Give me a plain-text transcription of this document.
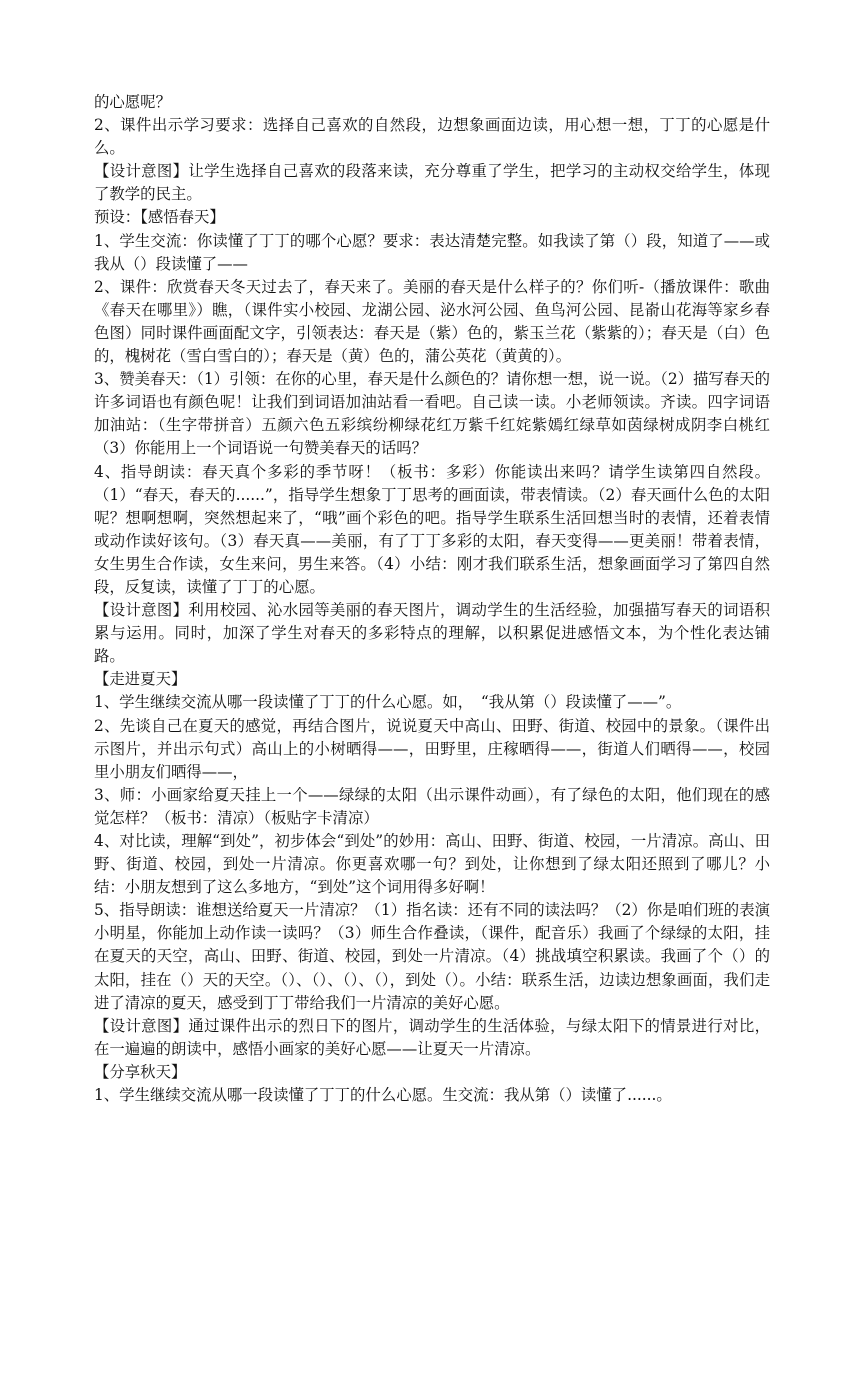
的心愿呢？

2、课件出示学习要求：选择自己喜欢的自然段，边想象画面边读，用心想一想，丁丁的心愿是什么。

【设计意图】让学生选择自己喜欢的段落来读，充分尊重了学生，把学习的主动权交给学生，体现了教学的民主。

预设：【感悟春天】

1、学生交流：你读懂了丁丁的哪个心愿？要求：表达清楚完整。如我读了第（）段，知道了——或我从（）段读懂了——

2、课件：欣赏春天冬天过去了，春天来了。美丽的春天是什么样子的？你们听-（播放课件：歌曲《春天在哪里》）瞧，（课件实小校园、龙湖公园、泌水河公园、鱼鸟河公园、昆嵛山花海等家乡春色图）同时课件画面配文字，引领表达：春天是（紫）色的，紫玉兰花（紫紫的）；春天是（白）色的，槐树花（雪白雪白的）；春天是（黄）色的，蒲公英花（黄黄的）。

3、赞美春天：（1）引领：在你的心里，春天是什么颜色的？请你想一想，说一说。（2）描写春天的许多词语也有颜色呢！让我们到词语加油站看一看吧。自己读一读。小老师领读。齐读。四字词语加油站：（生字带拼音）五颜六色五彩缤纷柳绿花红万紫千红姹紫嫣红绿草如茵绿树成阴李白桃红（3）你能用上一个词语说一句赞美春天的话吗？

4、指导朗读：春天真个多彩的季节呀！（板书：多彩）你能读出来吗？请学生读第四自然段。（1）“春天，春天的......”，指导学生想象丁丁思考的画面读，带表情读。（2）春天画什么色的太阳呢？想啊想啊，突然想起来了，“哦”画个彩色的吧。指导学生联系生活回想当时的表情，还着表情或动作读好该句。（3）春天真——美丽，有了丁丁多彩的太阳，春天变得——更美丽！带着表情，女生男生合作读，女生来问，男生来答。（4）小结：刚才我们联系生活，想象画面学习了第四自然段，反复读，读懂了丁丁的心愿。

【设计意图】利用校园、沁水园等美丽的春天图片，调动学生的生活经验，加强描写春天的词语积累与运用。同时，加深了学生对春天的多彩特点的理解，以积累促进感悟文本，为个性化表达铺路。

【走进夏天】

1、学生继续交流从哪一段读懂了丁丁的什么心愿。如，　“我从第（）段读懂了——”。

2、先谈自己在夏天的感觉，再结合图片，说说夏天中高山、田野、街道、校园中的景象。（课件出示图片，并出示句式）高山上的小树晒得——，田野里，庄稼晒得——，街道人们晒得——，校园里小朋友们晒得——，

3、师：小画家给夏天挂上一个——绿绿的太阳（出示课件动画），有了绿色的太阳，他们现在的感觉怎样？（板书：清凉）（板贴字卡清凉）

4、对比读，理解“到处”，初步体会“到处”的妙用：高山、田野、街道、校园，一片清凉。高山、田野、街道、校园，到处一片清凉。你更喜欢哪一句？到处，让你想到了绿太阳还照到了哪儿？小结：小朋友想到了这么多地方，“到处”这个词用得多好啊！

5、指导朗读：谁想送给夏天一片清凉？（1）指名读：还有不同的读法吗？（2）你是咱们班的表演小明星，你能加上动作读一读吗？（3）师生合作叠读，（课件，配音乐）我画了个绿绿的太阳，挂在夏天的天空，高山、田野、街道、校园，到处一片清凉。（4）挑战填空积累读。我画了个（）的太阳，挂在（）天的天空。（）、（）、（）、（），到处（）。小结：联系生活，边读边想象画面，我们走进了清凉的夏天，感受到丁丁带给我们一片清凉的美好心愿。

【设计意图】通过课件出示的烈日下的图片，调动学生的生活体验，与绿太阳下的情景进行对比，在一遍遍的朗读中，感悟小画家的美好心愿——让夏天一片清凉。

【分享秋天】

1、学生继续交流从哪一段读懂了丁丁的什么心愿。生交流：我从第（）读懂了......。
